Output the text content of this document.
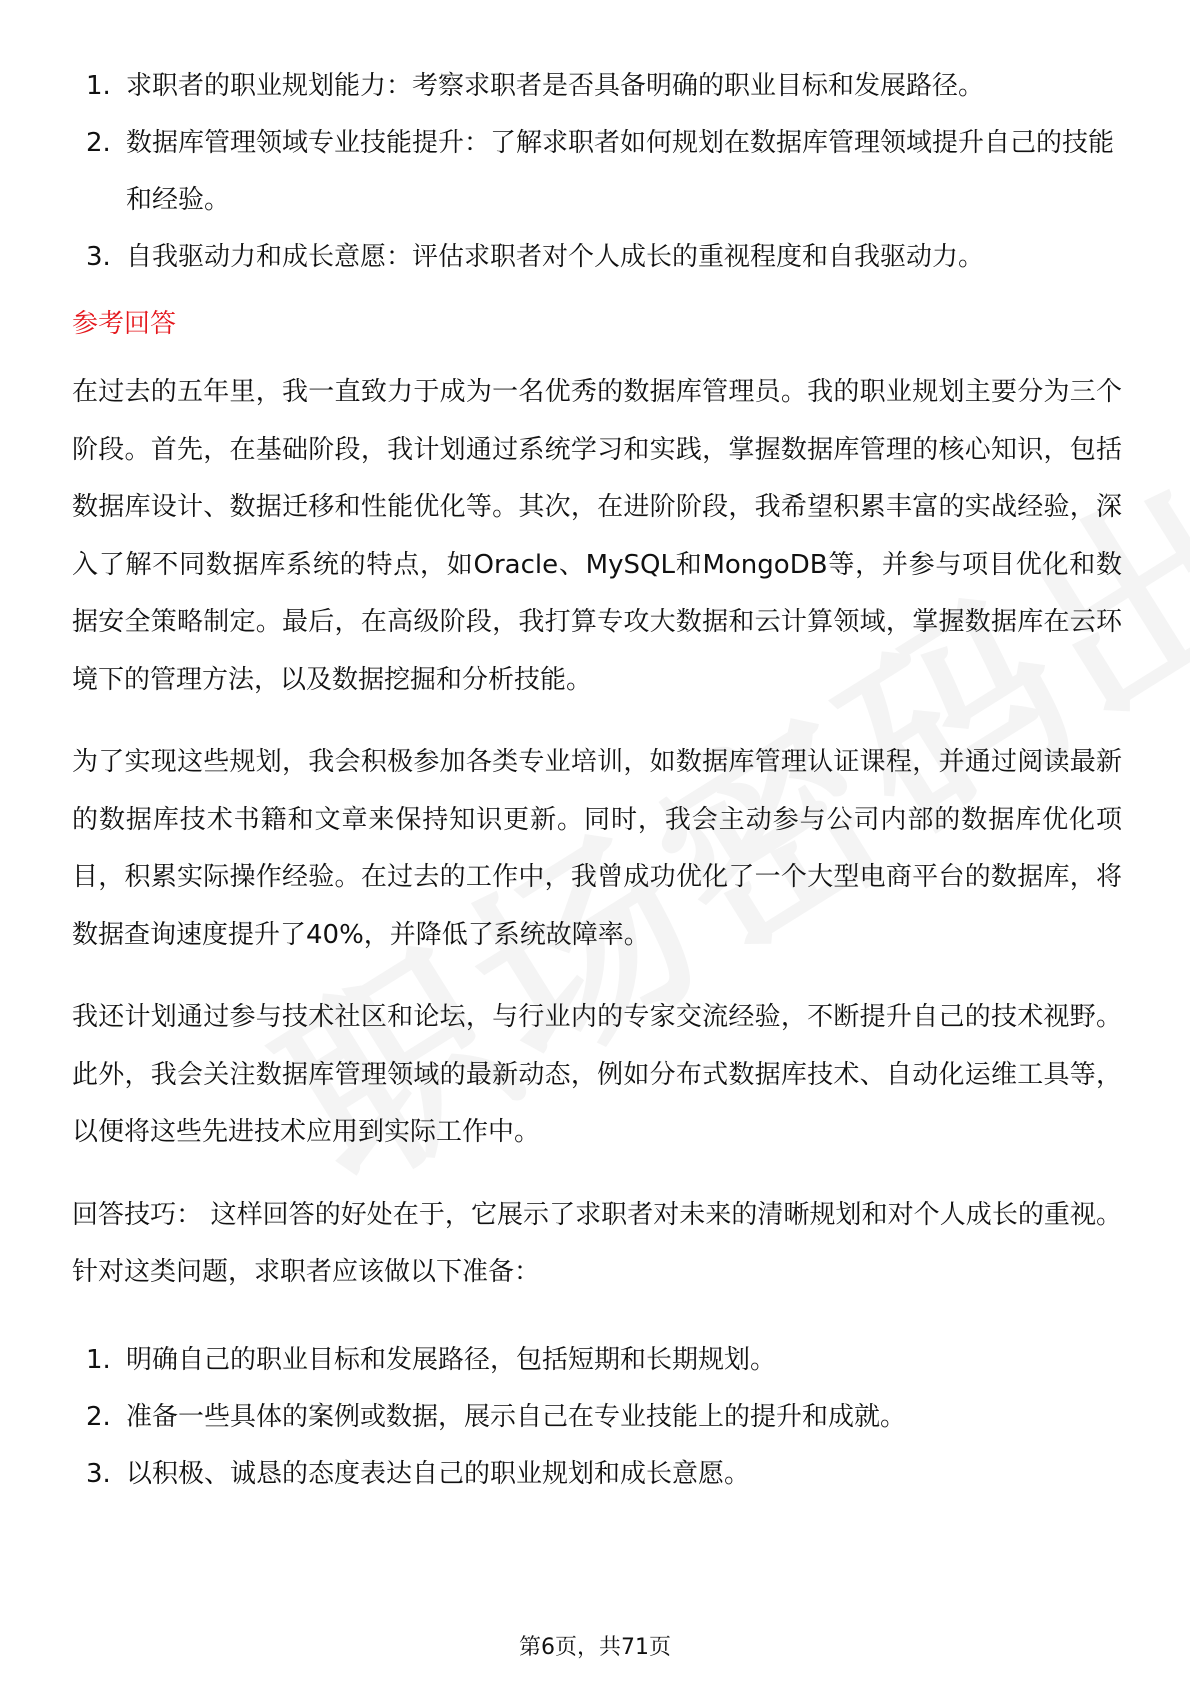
1. 求职者的职业规划能力：考察求职者是否具备明确的职业目标和发展路径。
2. 数据库管理领域专业技能提升：了解求职者如何规划在数据库管理领域提升自己的技能和经验。
3. 自我驱动力和成长意愿：评估求职者对个人成长的重视程度和自我驱动力。
参考回答

在过去的五年里，我一直致力于成为一名优秀的数据库管理员。我的职业规划主要分为三个阶段。首先，在基础阶段，我计划通过系统学习和实践，掌握数据库管理的核心知识，包括数据库设计、数据迁移和性能优化等。其次，在进阶阶段，我希望积累丰富的实战经验，深入了解不同数据库系统的特点，如Oracle、MySQL和MongoDB等，并参与项目优化和数据安全策略制定。最后，在高级阶段，我打算专攻大数据和云计算领域，掌握数据库在云环境下的管理方法，以及数据挖掘和分析技能。

为了实现这些规划，我会积极参加各类专业培训，如数据库管理认证课程，并通过阅读最新的数据库技术书籍和文章来保持知识更新。同时，我会主动参与公司内部的数据库优化项目，积累实际操作经验。在过去的工作中，我曾成功优化了一个大型电商平台的数据库，将数据查询速度提升了40%，并降低了系统故障率。

我还计划通过参与技术社区和论坛，与行业内的专家交流经验，不断提升自己的技术视野。此外，我会关注数据库管理领域的最新动态，例如分布式数据库技术、自动化运维工具等，以便将这些先进技术应用到实际工作中。

回答技巧： 这样回答的好处在于，它展示了求职者对未来的清晰规划和对个人成长的重视。针对这类问题，求职者应该做以下准备：

1. 明确自己的职业目标和发展路径，包括短期和长期规划。
2. 准备一些具体的案例或数据，展示自己在专业技能上的提升和成就。
3. 以积极、诚恳的态度表达自己的职业规划和成长意愿。
第6页，共71页
